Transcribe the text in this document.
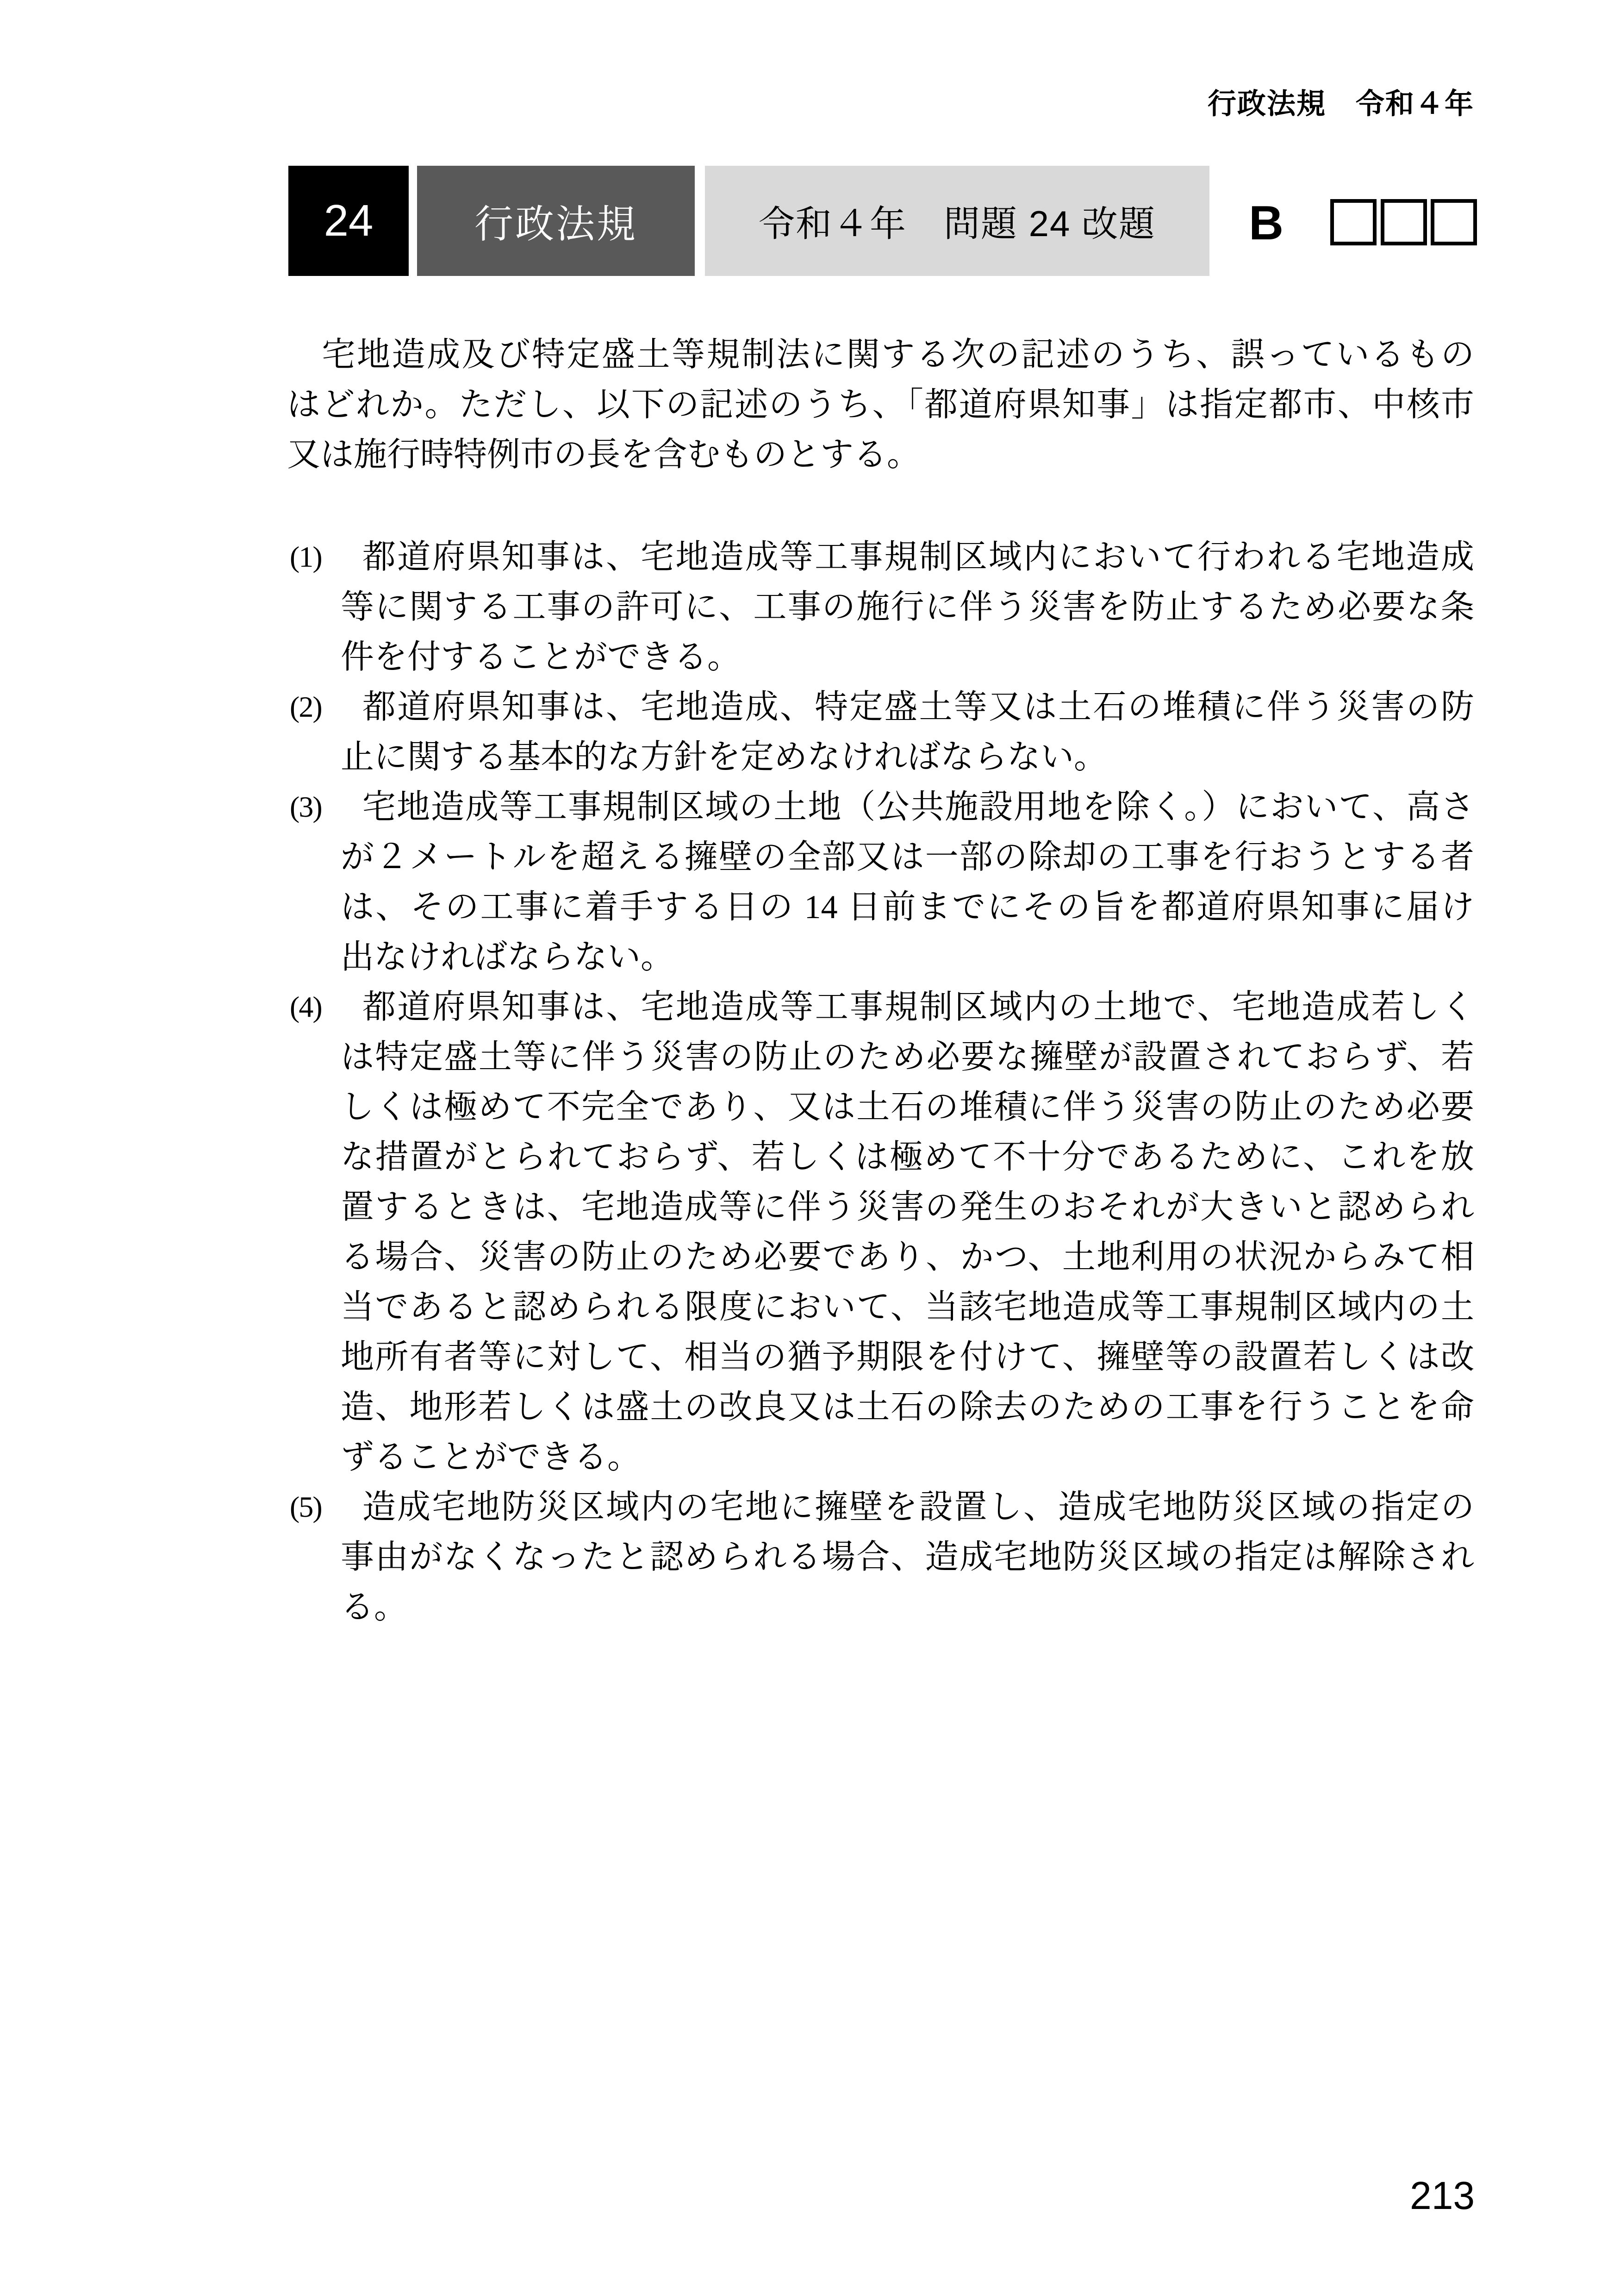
行政法規　令和４年
24	行政法規	令和４年　問題 24 改題	B
　宅地造成及び特定盛土等規制法に関する次の記述のうち、誤っているもの
はどれか。ただし、以下の記述のうち、「都道府県知事」は指定都市、中核市
又は施行時特例市の長を含むものとする。
(1) 都道府県知事は、宅地造成等工事規制区域内において行われる宅地造成
等に関する工事の許可に、工事の施行に伴う災害を防止するため必要な条
件を付することができる。
(2) 都道府県知事は、宅地造成、特定盛土等又は土石の堆積に伴う災害の防
止に関する基本的な方針を定めなければならない。
(3) 宅地造成等工事規制区域の土地（公共施設用地を除く。）において、高さ
が２メートルを超える擁壁の全部又は一部の除却の工事を行おうとする者
は、その工事に着手する日の 14 日前までにその旨を都道府県知事に届け
出なければならない。
(4) 都道府県知事は、宅地造成等工事規制区域内の土地で、宅地造成若しく
は特定盛土等に伴う災害の防止のため必要な擁壁が設置されておらず、若
しくは極めて不完全であり、又は土石の堆積に伴う災害の防止のため必要
な措置がとられておらず、若しくは極めて不十分であるために、これを放
置するときは、宅地造成等に伴う災害の発生のおそれが大きいと認められ
る場合、災害の防止のため必要であり、かつ、土地利用の状況からみて相
当であると認められる限度において、当該宅地造成等工事規制区域内の土
地所有者等に対して、相当の猶予期限を付けて、擁壁等の設置若しくは改
造、地形若しくは盛土の改良又は土石の除去のための工事を行うことを命
ずることができる。
(5) 造成宅地防災区域内の宅地に擁壁を設置し、造成宅地防災区域の指定の
事由がなくなったと認められる場合、造成宅地防災区域の指定は解除され
る。
213
